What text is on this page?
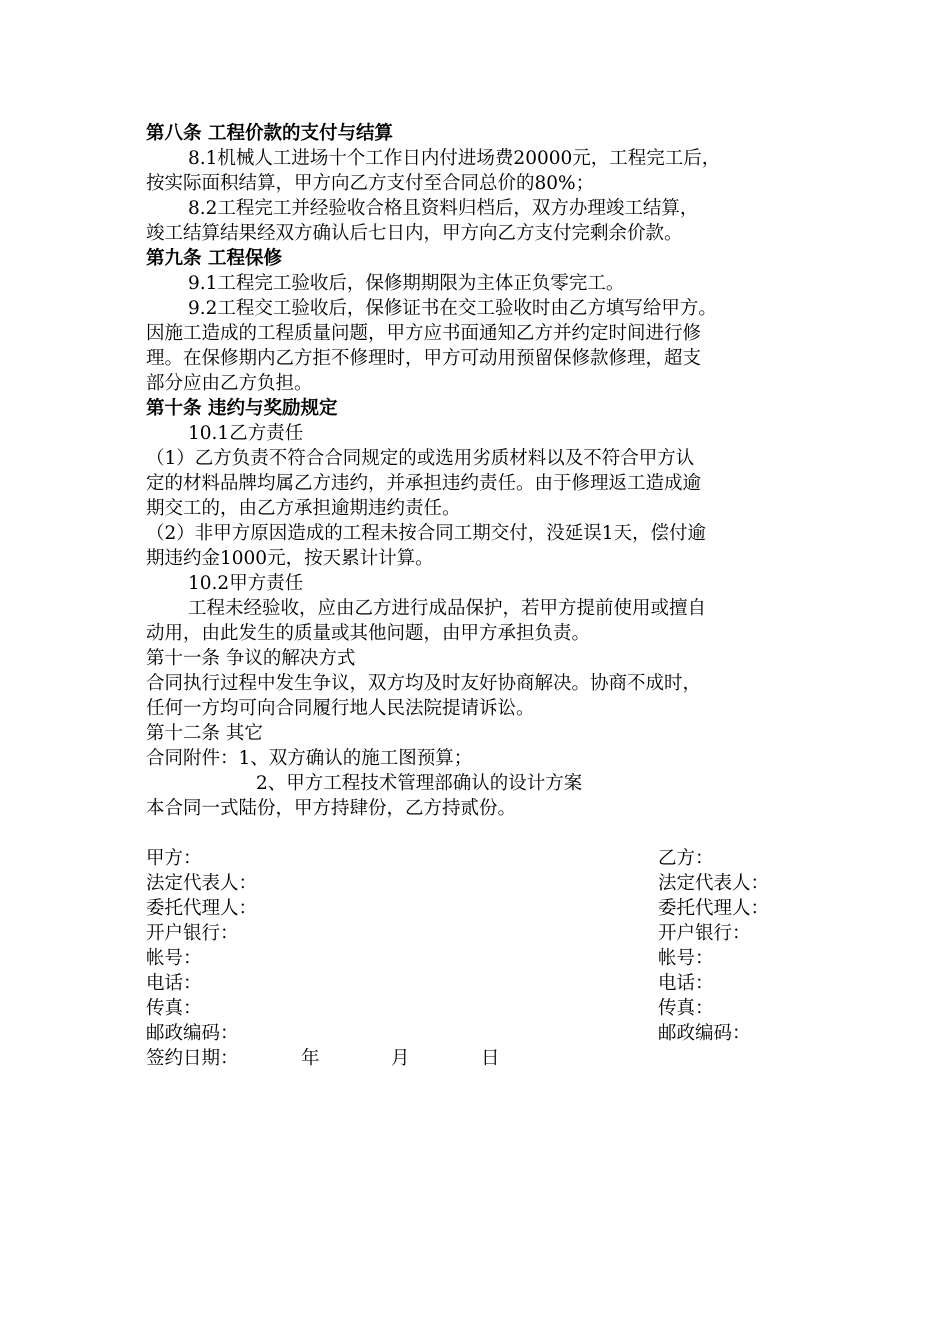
第八条 工程价款的支付与结算
8.1机械人工进场十个工作日内付进场费20000元，工程完工后，
按实际面积结算，甲方向乙方支付至合同总价的80%；
8.2工程完工并经验收合格且资料归档后，双方办理竣工结算，
竣工结算结果经双方确认后七日内，甲方向乙方支付完剩余价款。
第九条 工程保修
9.1工程完工验收后，保修期期限为主体正负零完工。
9.2工程交工验收后，保修证书在交工验收时由乙方填写给甲方。
因施工造成的工程质量问题，甲方应书面通知乙方并约定时间进行修
理。在保修期内乙方拒不修理时，甲方可动用预留保修款修理，超支
部分应由乙方负担。
第十条 违约与奖励规定
10.1乙方责任
（1）乙方负责不符合合同规定的或选用劣质材料以及不符合甲方认
定的材料品牌均属乙方违约，并承担违约责任。由于修理返工造成逾
期交工的，由乙方承担逾期违约责任。
（2）非甲方原因造成的工程未按合同工期交付，没延误1天，偿付逾
期违约金1000元，按天累计计算。
10.2甲方责任
工程未经验收，应由乙方进行成品保护，若甲方提前使用或擅自
动用，由此发生的质量或其他问题，由甲方承担负责。
第十一条 争议的解决方式
合同执行过程中发生争议，双方均及时友好协商解决。协商不成时，
任何一方均可向合同履行地人民法院提请诉讼。
第十二条 其它
合同附件：1、双方确认的施工图预算；
2、甲方工程技术管理部确认的设计方案
本合同一式陆份，甲方持肆份，乙方持贰份。
甲方：	乙方：
法定代表人：	法定代表人：
委托代理人：	委托代理人：
开户银行：	开户银行：
帐号：	帐号：
电话：	电话：
传真：	传真：
邮政编码：	邮政编码：
签约日期：	年	月	日
